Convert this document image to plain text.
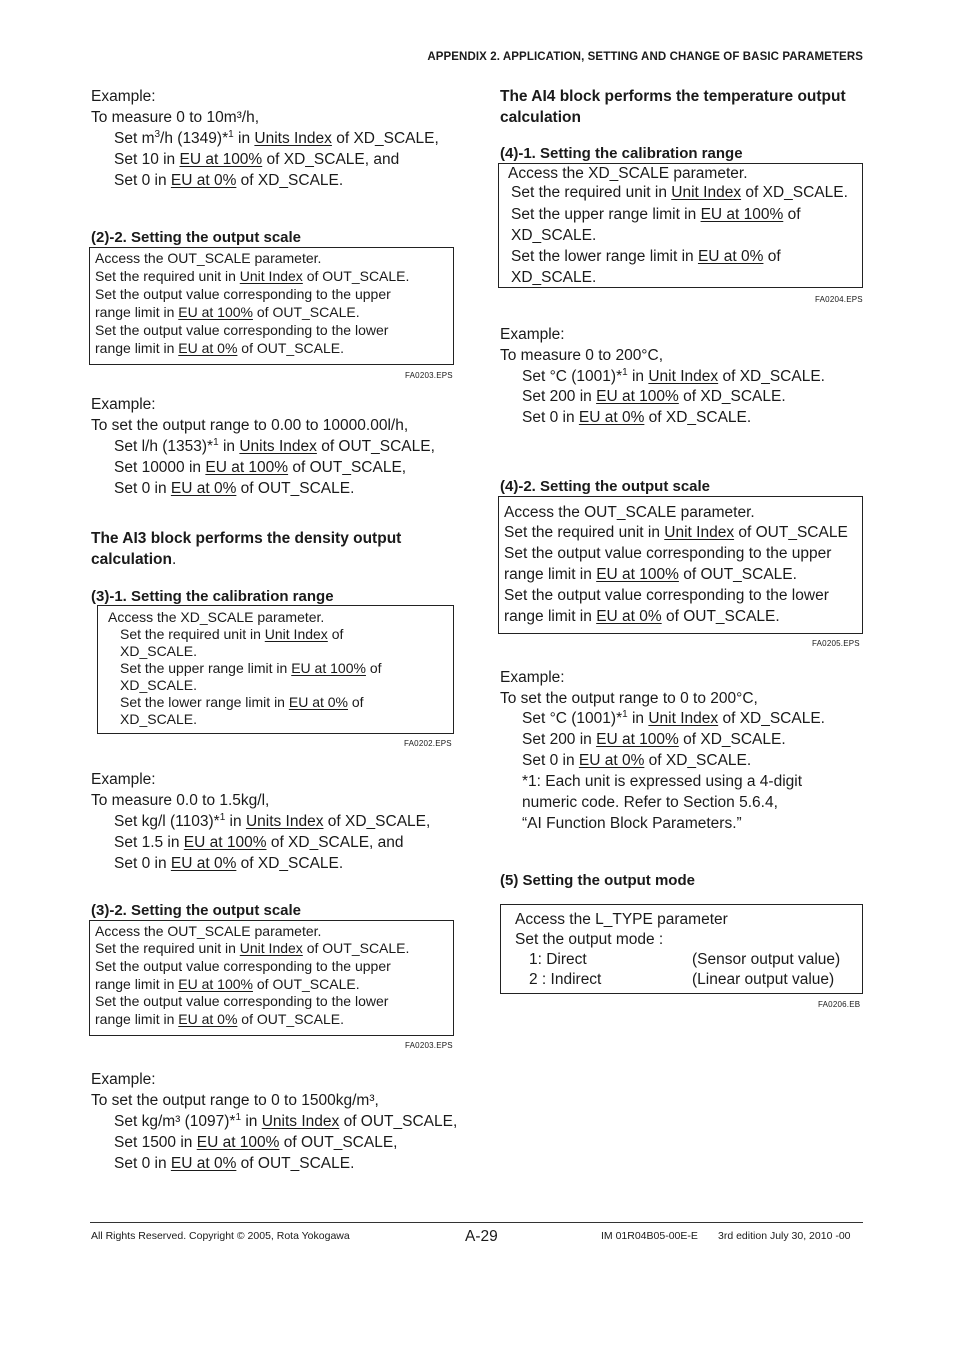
APPENDIX 2. APPLICATION, SETTING AND CHANGE OF BASIC PARAMETERS
Example:
To measure 0 to 10m³/h,
Set $m^3/h$ (1349)*$^1$ in Units Index of XD_SCALE,
Set 10 in EU at 100% of XD_SCALE, and
Set 0 in EU at 0% of XD_SCALE.
(2)-2. Setting the output scale
Access the OUT_SCALE parameter.
Set the required unit in Unit Index of OUT_SCALE.
Set the output value corresponding to the upper
range limit in EU at 100% of OUT_SCALE.
Set the output value corresponding to the lower
range limit in EU at 0% of OUT_SCALE.
FA0203.EPS
Example:
To set the output range to 0.00 to 10000.00l/h,
Set l/h (1353)*$^1$ in Units Index of OUT_SCALE,
Set 10000 in EU at 100% of OUT_SCALE,
Set 0 in EU at 0% of OUT_SCALE.
The AI3 block performs the density output
calculation.
(3)-1. Setting the calibration range
Access the XD_SCALE parameter.
Set the required unit in Unit Index of
XD_SCALE.
Set the upper range limit in EU at 100% of
XD_SCALE.
Set the lower range limit in EU at 0% of
XD_SCALE.
FA0202.EPS
Example:
To measure 0.0 to 1.5kg/l,
Set kg/l (1103)*$^1$ in Units Index of XD_SCALE,
Set 1.5 in EU at 100% of XD_SCALE, and
Set 0 in EU at 0% of XD_SCALE.
(3)-2. Setting the output scale
Access the OUT_SCALE parameter.
Set the required unit in Unit Index of OUT_SCALE.
Set the output value corresponding to the upper
range limit in EU at 100% of OUT_SCALE.
Set the output value corresponding to the lower
range limit in EU at 0% of OUT_SCALE.
FA0203.EPS
Example:
To set the output range to 0 to 1500kg/m³,
Set kg/m³ (1097)*$^1$ in Units Index of OUT_SCALE,
Set 1500 in EU at 100% of OUT_SCALE,
Set 0 in EU at 0% of OUT_SCALE.
The AI4 block performs the temperature output
calculation
(4)-1. Setting the calibration range
Access the XD_SCALE parameter.
Set the required unit in Unit Index of XD_SCALE.
Set the upper range limit in EU at 100% of
XD_SCALE.
Set the lower range limit in EU at 0% of
XD_SCALE.
FA0204.EPS
Example:
To measure 0 to 200°C,
Set °C (1001)*$^1$ in Unit Index of XD_SCALE.
Set 200 in EU at 100% of XD_SCALE.
Set 0 in EU at 0% of XD_SCALE.
(4)-2. Setting the output scale
Access the OUT_SCALE parameter.
Set the required unit in Unit Index of OUT_SCALE
Set the output value corresponding to the upper
range limit in EU at 100% of OUT_SCALE.
Set the output value corresponding to the lower
range limit in EU at 0% of OUT_SCALE.
FA0205.EPS
Example:
To set the output range to 0 to 200°C,
Set °C (1001)*$^1$ in Unit Index of XD_SCALE.
Set 200 in EU at 100% of XD_SCALE.
Set 0 in EU at 0% of XD_SCALE.
*1: Each unit is expressed using a 4-digit
numeric code. Refer to Section 5.6.4,
“AI Function Block Parameters.”
(5) Setting the output mode
Access the L_TYPE parameter
Set the output mode :
1: Direct	(Sensor output value)
2 : Indirect	(Linear output value)
FA0206.EB
All Rights Reserved. Copyright © 2005, Rota Yokogawa	A-29	IM 01R04B05-00E-E 3rd edition July 30, 2010 -00
